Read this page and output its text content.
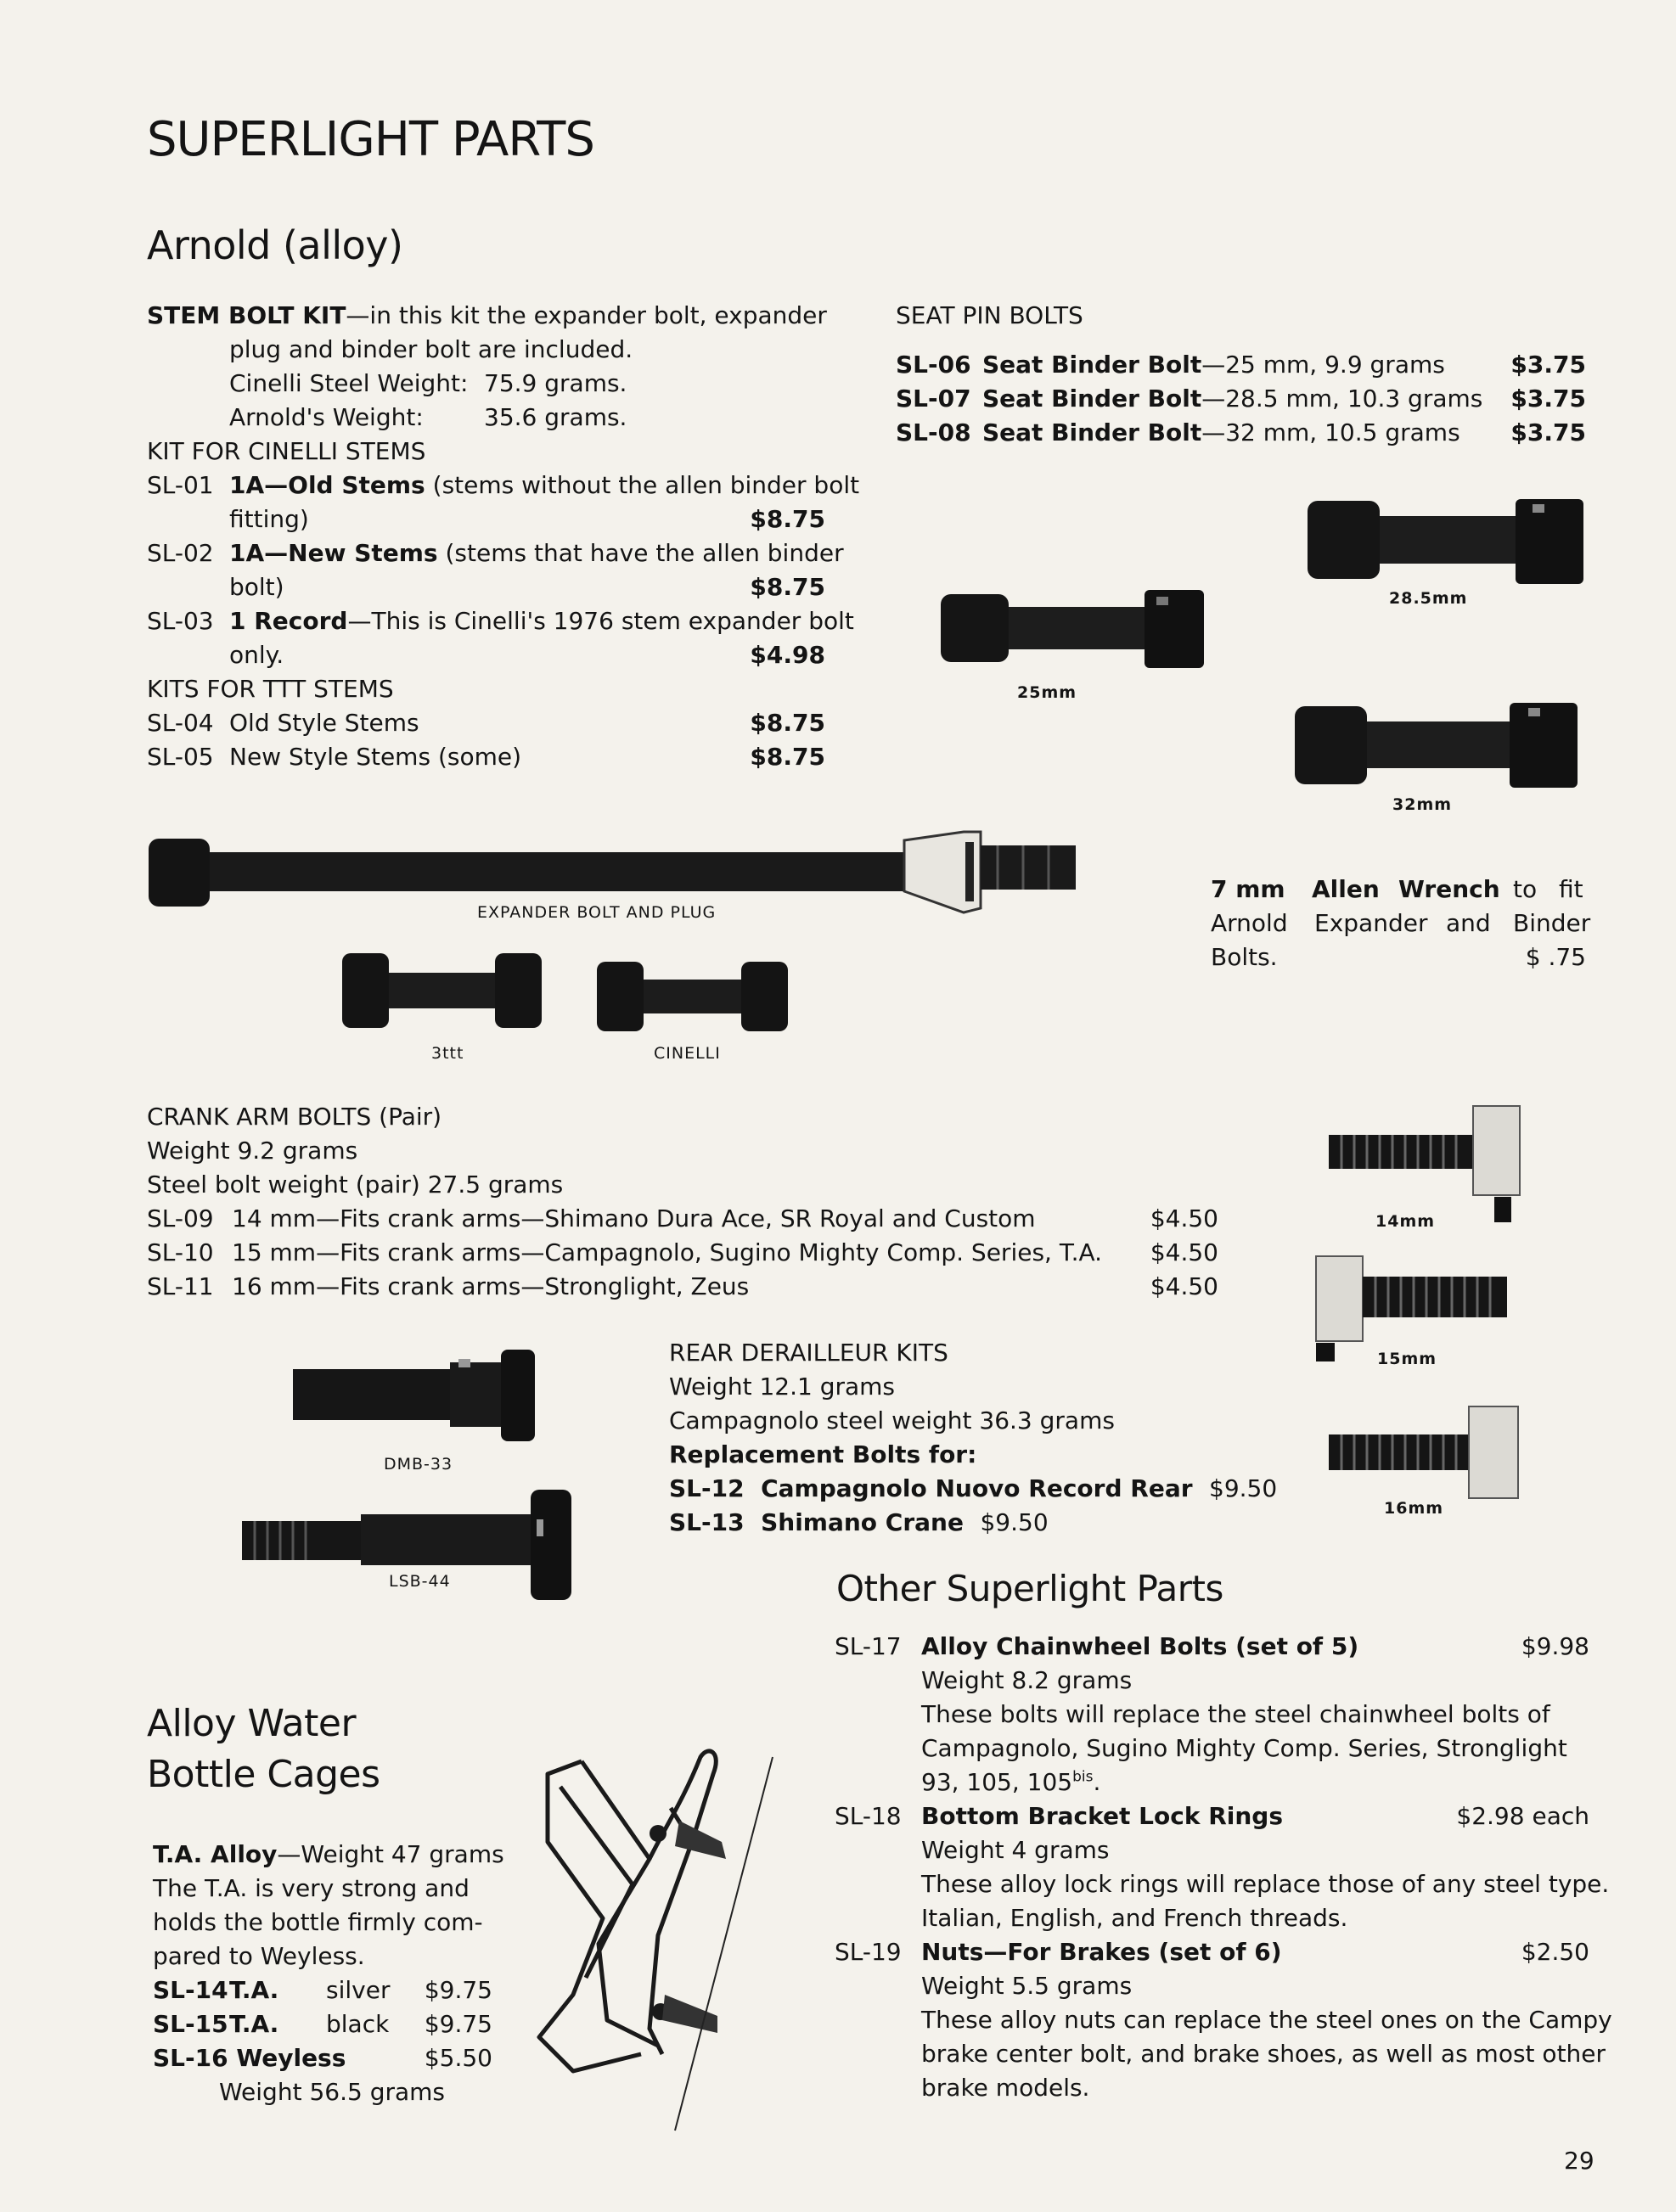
SUPERLIGHT PARTS
Arnold (alloy)
STEM BOLT KIT—in this kit the expander bolt, expander
plug and binder bolt are included.
Cinelli Steel Weight: 75.9 grams.
Arnold's Weight:	35.6 grams.
KIT FOR CINELLI STEMS
SL-01 1A—Old Stems (stems without the allen binder bolt
fitting)	$8.75
SL-02 1A—New Stems (stems that have the allen binder
bolt)	$8.75
SL-03 1 Record—This is Cinelli's 1976 stem expander bolt
only.	$4.98
KITS FOR TTT STEMS
SL-04 Old Style Stems	$8.75
SL-05 New Style Stems (some)	$8.75
SEAT PIN BOLTS
SL-06 Seat Binder Bolt—25 mm, 9.9 grams	$3.75
SL-07 Seat Binder Bolt—28.5 mm, 10.3 grams	$3.75
SL-08 Seat Binder Bolt—32 mm, 10.5 grams	$3.75
25mm
28.5mm
32mm
EXPANDER BOLT AND PLUG
3ttt	CINELLI
7 mm Allen Wrench to fit
Arnold Expander and Binder
Bolts.	$ .75
CRANK ARM BOLTS (Pair)
Weight 9.2 grams
Steel bolt weight (pair) 27.5 grams
SL-09 14 mm—Fits crank arms—Shimano Dura Ace, SR Royal and Custom	$4.50
SL-10 15 mm—Fits crank arms—Campagnolo, Sugino Mighty Comp. Series, T.A.	$4.50
SL-11 16 mm—Fits crank arms—Stronglight, Zeus	$4.50
14mm
15mm
16mm
DMB-33
LSB-44
REAR DERAILLEUR KITS
Weight 12.1 grams
Campagnolo steel weight 36.3 grams
Replacement Bolts for:
SL-12 Campagnolo Nuovo Record Rear $9.50
SL-13 Shimano Crane $9.50
Other Superlight Parts
SL-17 Alloy Chainwheel Bolts (set of 5)	$9.98
Weight 8.2 grams
These bolts will replace the steel chainwheel bolts of
Campagnolo, Sugino Mighty Comp. Series, Stronglight
93, 105, $105^{bis}$.
SL-18 Bottom Bracket Lock Rings	$2.98 each
Weight 4 grams
These alloy lock rings will replace those of any steel type.
Italian, English, and French threads.
SL-19 Nuts—For Brakes (set of 6)	$2.50
Weight 5.5 grams
These alloy nuts can replace the steel ones on the Campy
brake center bolt, and brake shoes, as well as most other
brake models.
Alloy Water
Bottle Cages
T.A. Alloy—Weight 47 grams
The T.A. is very strong and
holds the bottle firmly com-
pared to Weyless.
SL-14 T.A. silver	$9.75
SL-15 T.A. black	$9.75
SL-16 Weyless	$5.50
Weight 56.5 grams
29
